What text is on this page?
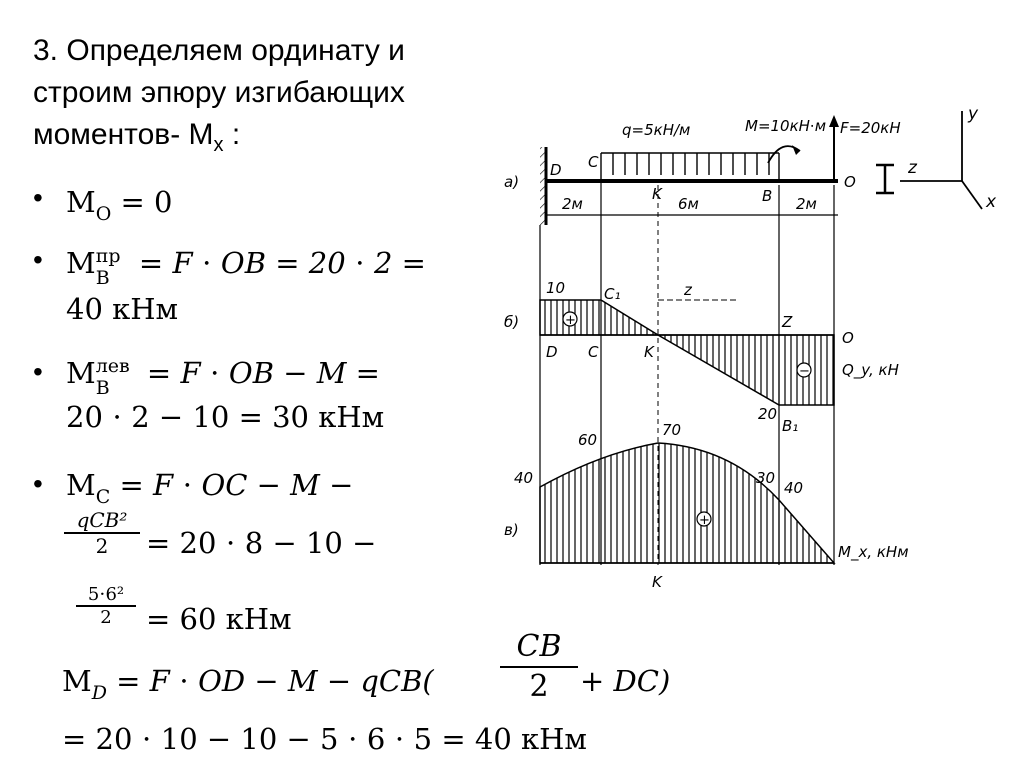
3. Определяем ординату и
строим эпюру изгибающих
моментов- $M_x$ :
•
•
•
•
$M_O = 0$
M пр
B = F ⋅ OB = 20 ⋅ 2 =
40 кНм
M лев
B = F ⋅ OB − M =
20 ⋅ 2 − 10 = 30 кНм
$M_C = F$ ⋅ OC − M −
qCB²
2	= 20 ⋅ 8 − 10 −
$\frac{\text{5⋅6²}}{2} = 60$ кНм
$M_D = F$ ⋅ OD − $M - qCB( \frac{CB}{2} + DC)$
= 20 ⋅ 10 − 10 − 5 ⋅ 6 ⋅ 5 = 40 кНм
q=5кН/м	M=10кН⋅м F=20кН
D C
K	B
O
а)
2м	6м	2м
+
−
10	C₁
Z
O
D C	K
20
B₁
Q_y, кН
б)
z
+
70
60
40	30
40
M_x, кНм
K
в)
y
z
x
